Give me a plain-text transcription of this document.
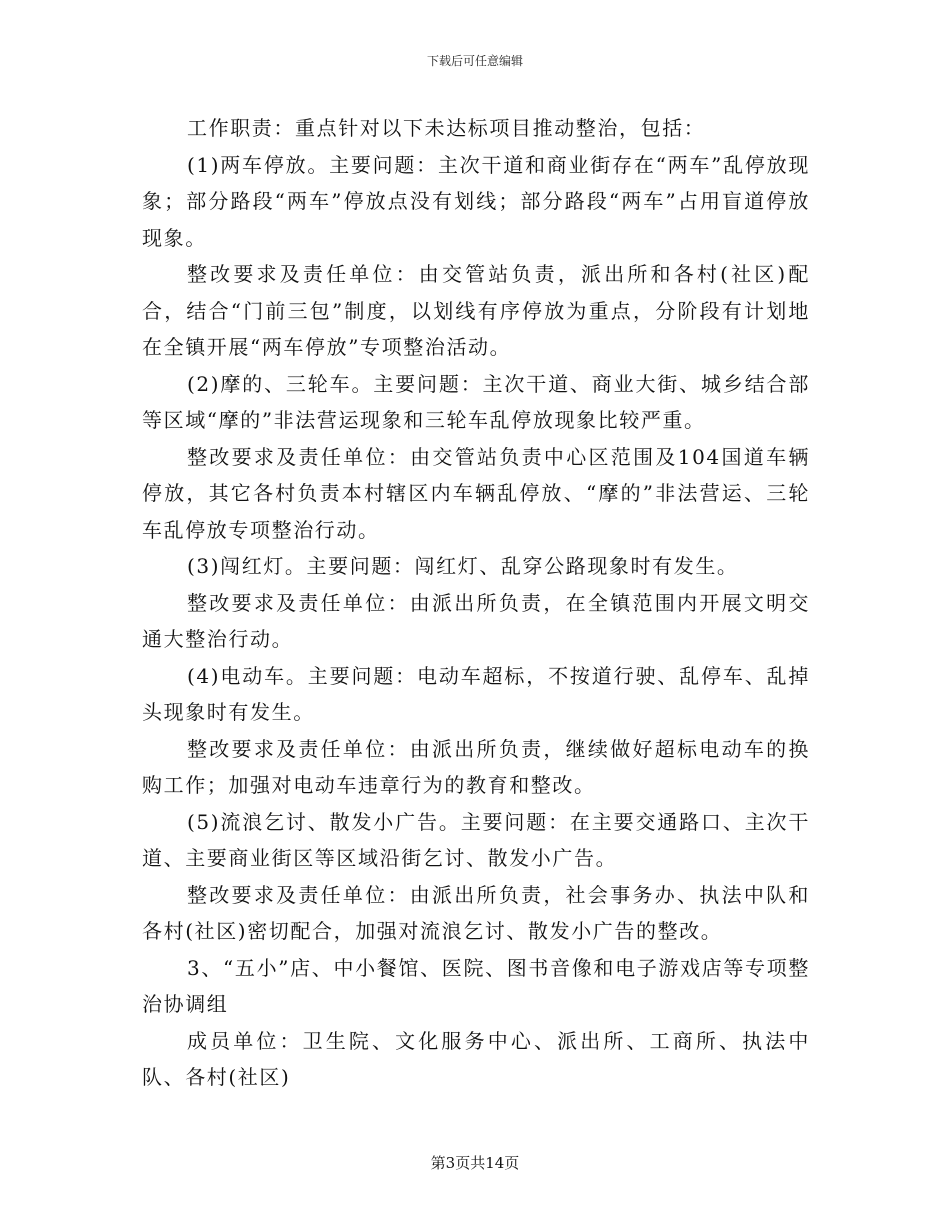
下载后可任意编辑

工作职责：重点针对以下未达标项目推动整治，包括：

(1)两车停放。主要问题：主次干道和商业街存在“两车”乱停放现象；部分路段“两车”停放点没有划线；部分路段“两车”占用盲道停放现象。

整改要求及责任单位：由交管站负责，派出所和各村(社区)配合，结合“门前三包”制度，以划线有序停放为重点，分阶段有计划地在全镇开展“两车停放”专项整治活动。

(2)摩的、三轮车。主要问题：主次干道、商业大街、城乡结合部等区域“摩的”非法营运现象和三轮车乱停放现象比较严重。

整改要求及责任单位：由交管站负责中心区范围及104国道车辆停放，其它各村负责本村辖区内车辆乱停放、“摩的”非法营运、三轮车乱停放专项整治行动。

(3)闯红灯。主要问题：闯红灯、乱穿公路现象时有发生。

整改要求及责任单位：由派出所负责，在全镇范围内开展文明交通大整治行动。

(4)电动车。主要问题：电动车超标，不按道行驶、乱停车、乱掉头现象时有发生。

整改要求及责任单位：由派出所负责，继续做好超标电动车的换购工作；加强对电动车违章行为的教育和整改。

(5)流浪乞讨、散发小广告。主要问题：在主要交通路口、主次干道、主要商业街区等区域沿街乞讨、散发小广告。

整改要求及责任单位：由派出所负责，社会事务办、执法中队和各村(社区)密切配合，加强对流浪乞讨、散发小广告的整改。

3、“五小”店、中小餐馆、医院、图书音像和电子游戏店等专项整治协调组

成员单位：卫生院、文化服务中心、派出所、工商所、执法中队、各村(社区)

第3页共14页
